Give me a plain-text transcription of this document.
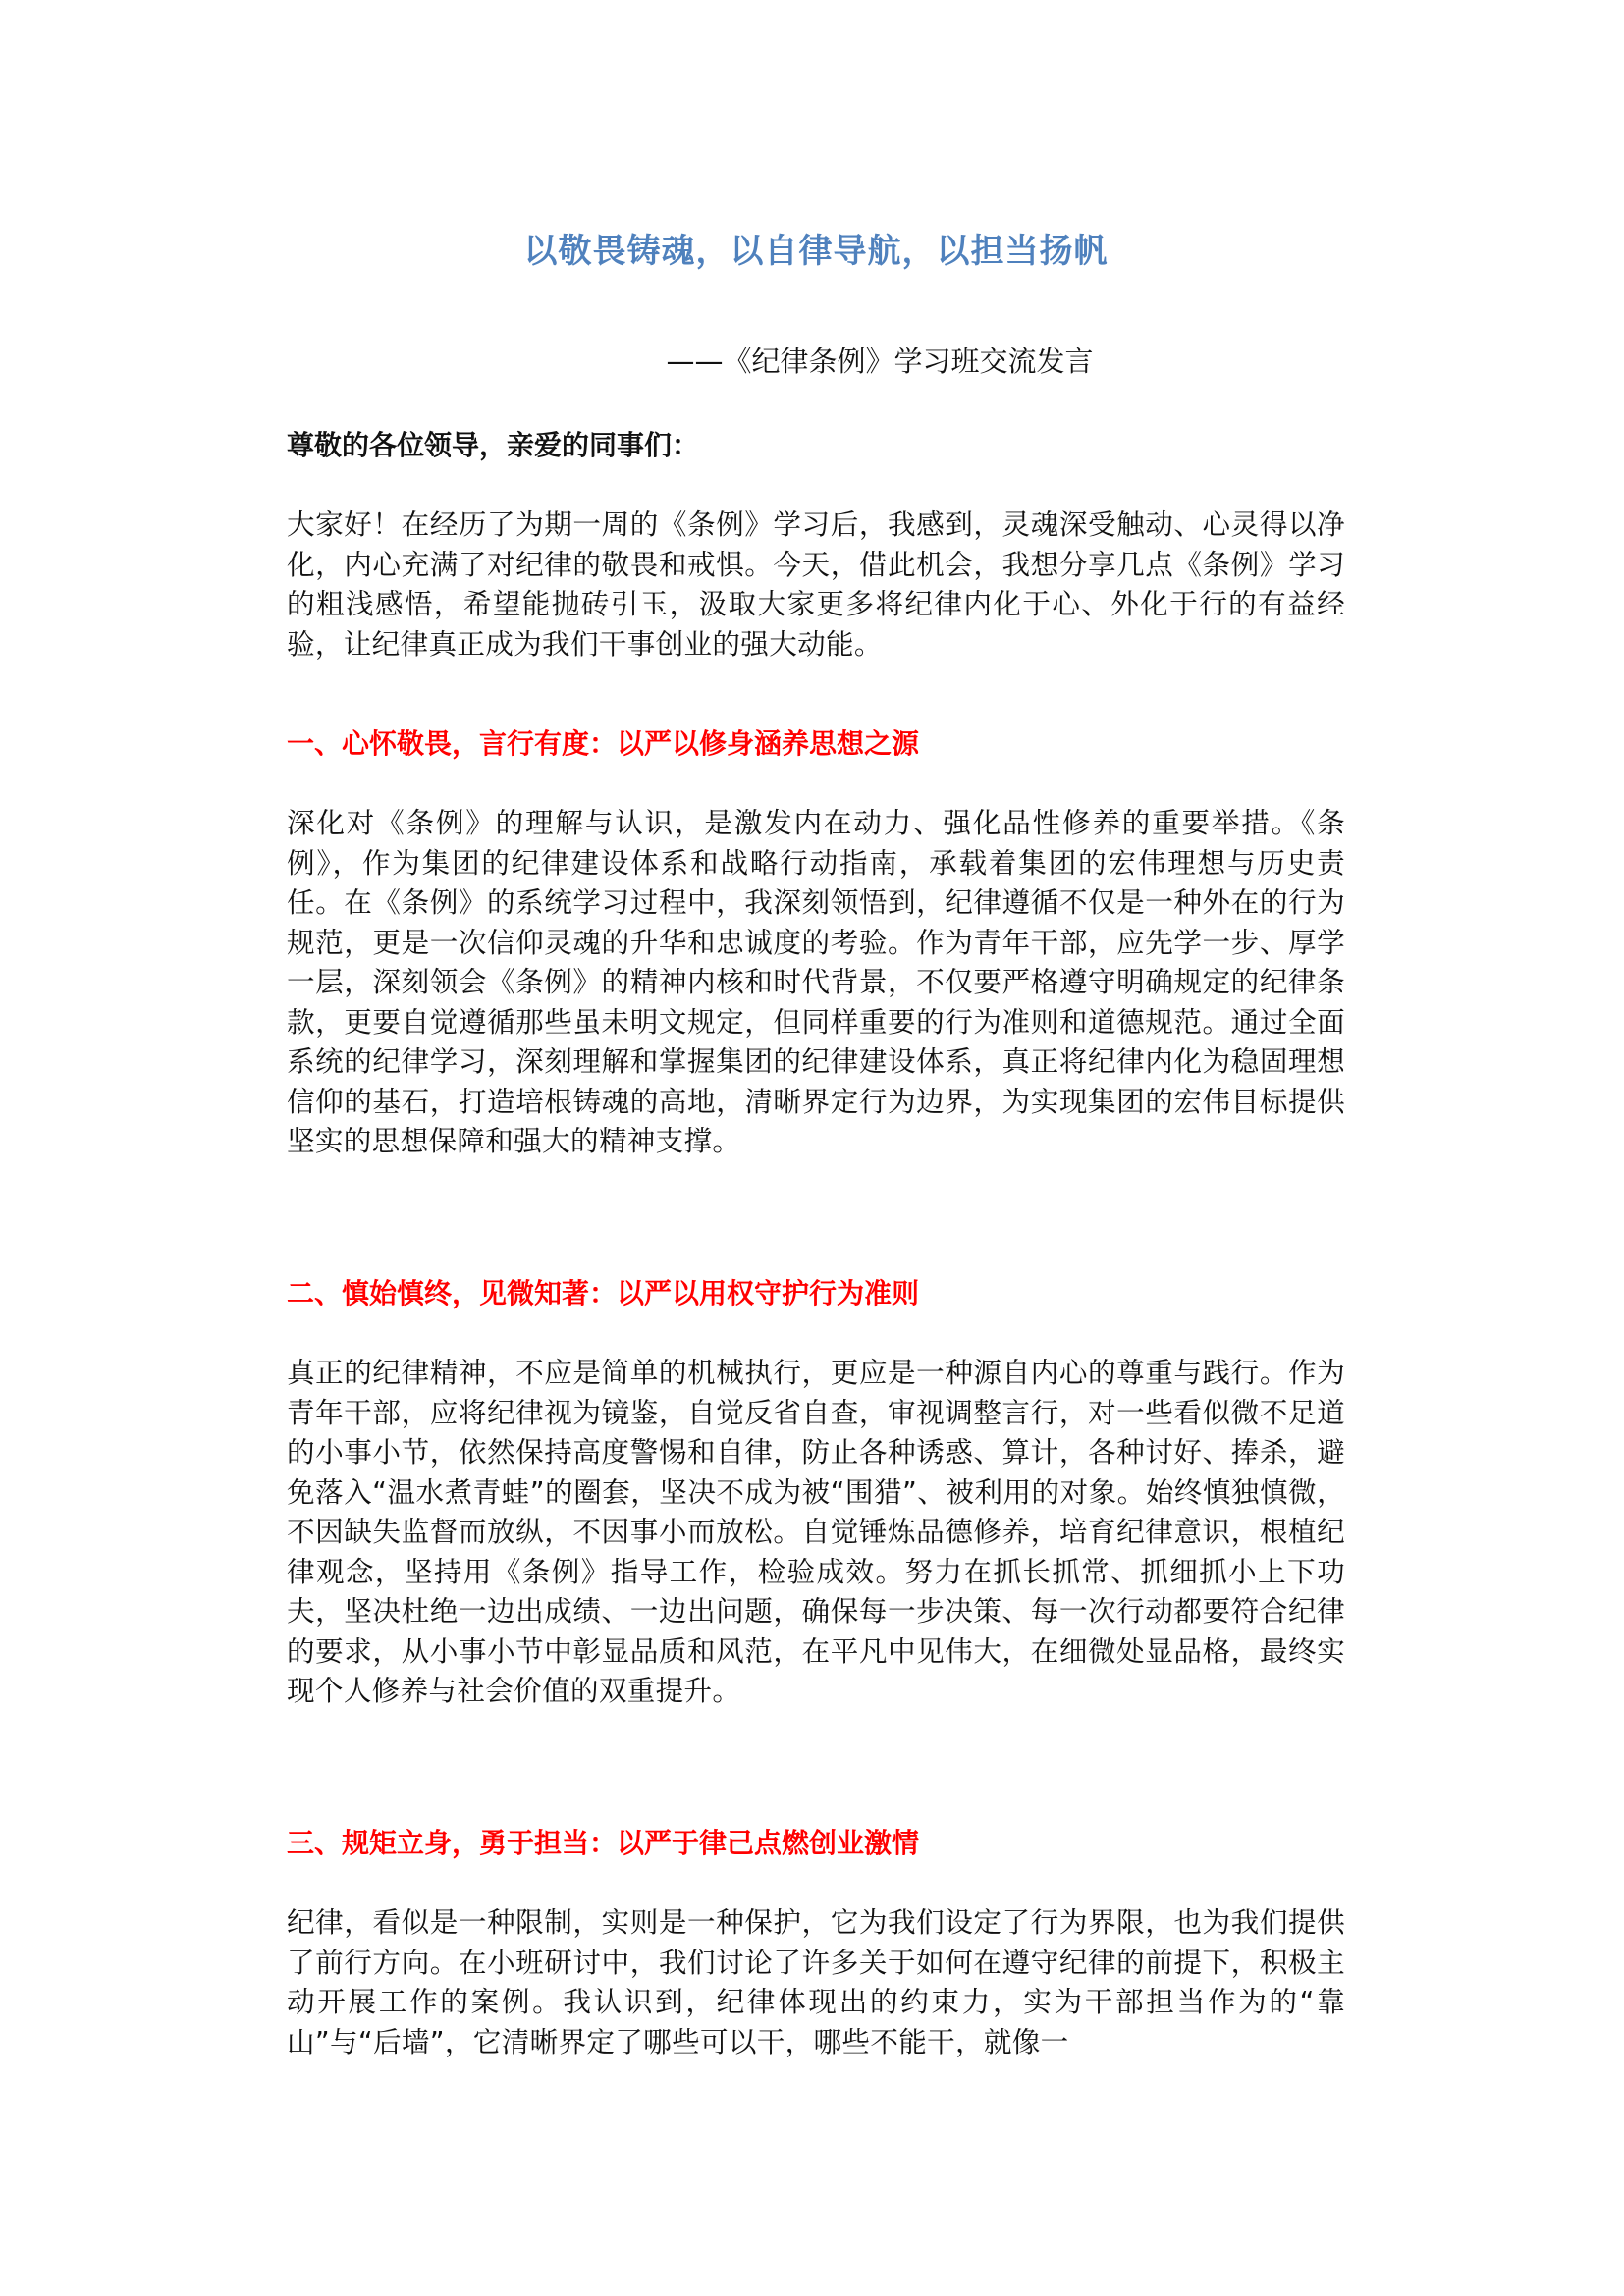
以敬畏铸魂，以自律导航，以担当扬帆

——《纪律条例》学习班交流发言

尊敬的各位领导，亲爱的同事们：

大家好！在经历了为期一周的《条例》学习后，我感到，灵魂深受触动、心灵得以净化，内心充满了对纪律的敬畏和戒惧。今天，借此机会，我想分享几点《条例》学习的粗浅感悟，希望能抛砖引玉，汲取大家更多将纪律内化于心、外化于行的有益经验，让纪律真正成为我们干事创业的强大动能。

一、心怀敬畏，言行有度：以严以修身涵养思想之源

深化对《条例》的理解与认识，是激发内在动力、强化品性修养的重要举措。《条例》，作为集团的纪律建设体系和战略行动指南，承载着集团的宏伟理想与历史责任。在《条例》的系统学习过程中，我深刻领悟到，纪律遵循不仅是一种外在的行为规范，更是一次信仰灵魂的升华和忠诚度的考验。作为青年干部，应先学一步、厚学一层，深刻领会《条例》的精神内核和时代背景，不仅要严格遵守明确规定的纪律条款，更要自觉遵循那些虽未明文规定，但同样重要的行为准则和道德规范。通过全面系统的纪律学习，深刻理解和掌握集团的纪律建设体系，真正将纪律内化为稳固理想信仰的基石，打造培根铸魂的高地，清晰界定行为边界，为实现集团的宏伟目标提供坚实的思想保障和强大的精神支撑。

二、慎始慎终，见微知著：以严以用权守护行为准则

真正的纪律精神，不应是简单的机械执行，更应是一种源自内心的尊重与践行。作为青年干部，应将纪律视为镜鉴，自觉反省自查，审视调整言行，对一些看似微不足道的小事小节，依然保持高度警惕和自律，防止各种诱惑、算计，各种讨好、捧杀，避免落入“温水煮青蛙”的圈套，坚决不成为被“围猎”、被利用的对象。始终慎独慎微，不因缺失监督而放纵，不因事小而放松。自觉锤炼品德修养，培育纪律意识，根植纪律观念，坚持用《条例》指导工作，检验成效。努力在抓长抓常、抓细抓小上下功夫，坚决杜绝一边出成绩、一边出问题，确保每一步决策、每一次行动都要符合纪律的要求，从小事小节中彰显品质和风范，在平凡中见伟大，在细微处显品格，最终实现个人修养与社会价值的双重提升。

三、规矩立身，勇于担当：以严于律己点燃创业激情

纪律，看似是一种限制，实则是一种保护，它为我们设定了行为界限，也为我们提供了前行方向。在小班研讨中，我们讨论了许多关于如何在遵守纪律的前提下，积极主动开展工作的案例。我认识到，纪律体现出的约束力，实为干部担当作为的“靠山”与“后墙”，它清晰界定了哪些可以干，哪些不能干，就像一
